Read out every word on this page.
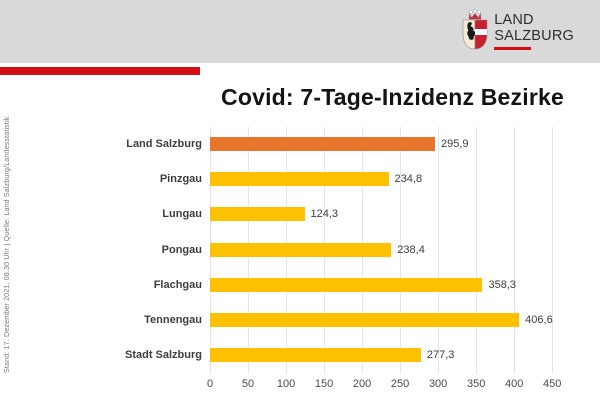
LAND
SALZBURG
Stand: 17. Dezember 2021, 08.30 Uhr | Quelle: Land Salzburg/Landesstatistik
Covid: 7-Tage-Inzidenz Bezirke
0	50	100	150	200	250	300	350	400	450
Land Salzburg	295,9
Pinzgau	234,8
Lungau	124,3
Pongau	238,4
Flachgau	358,3
Tennengau	406,6
Stadt Salzburg	277,3
